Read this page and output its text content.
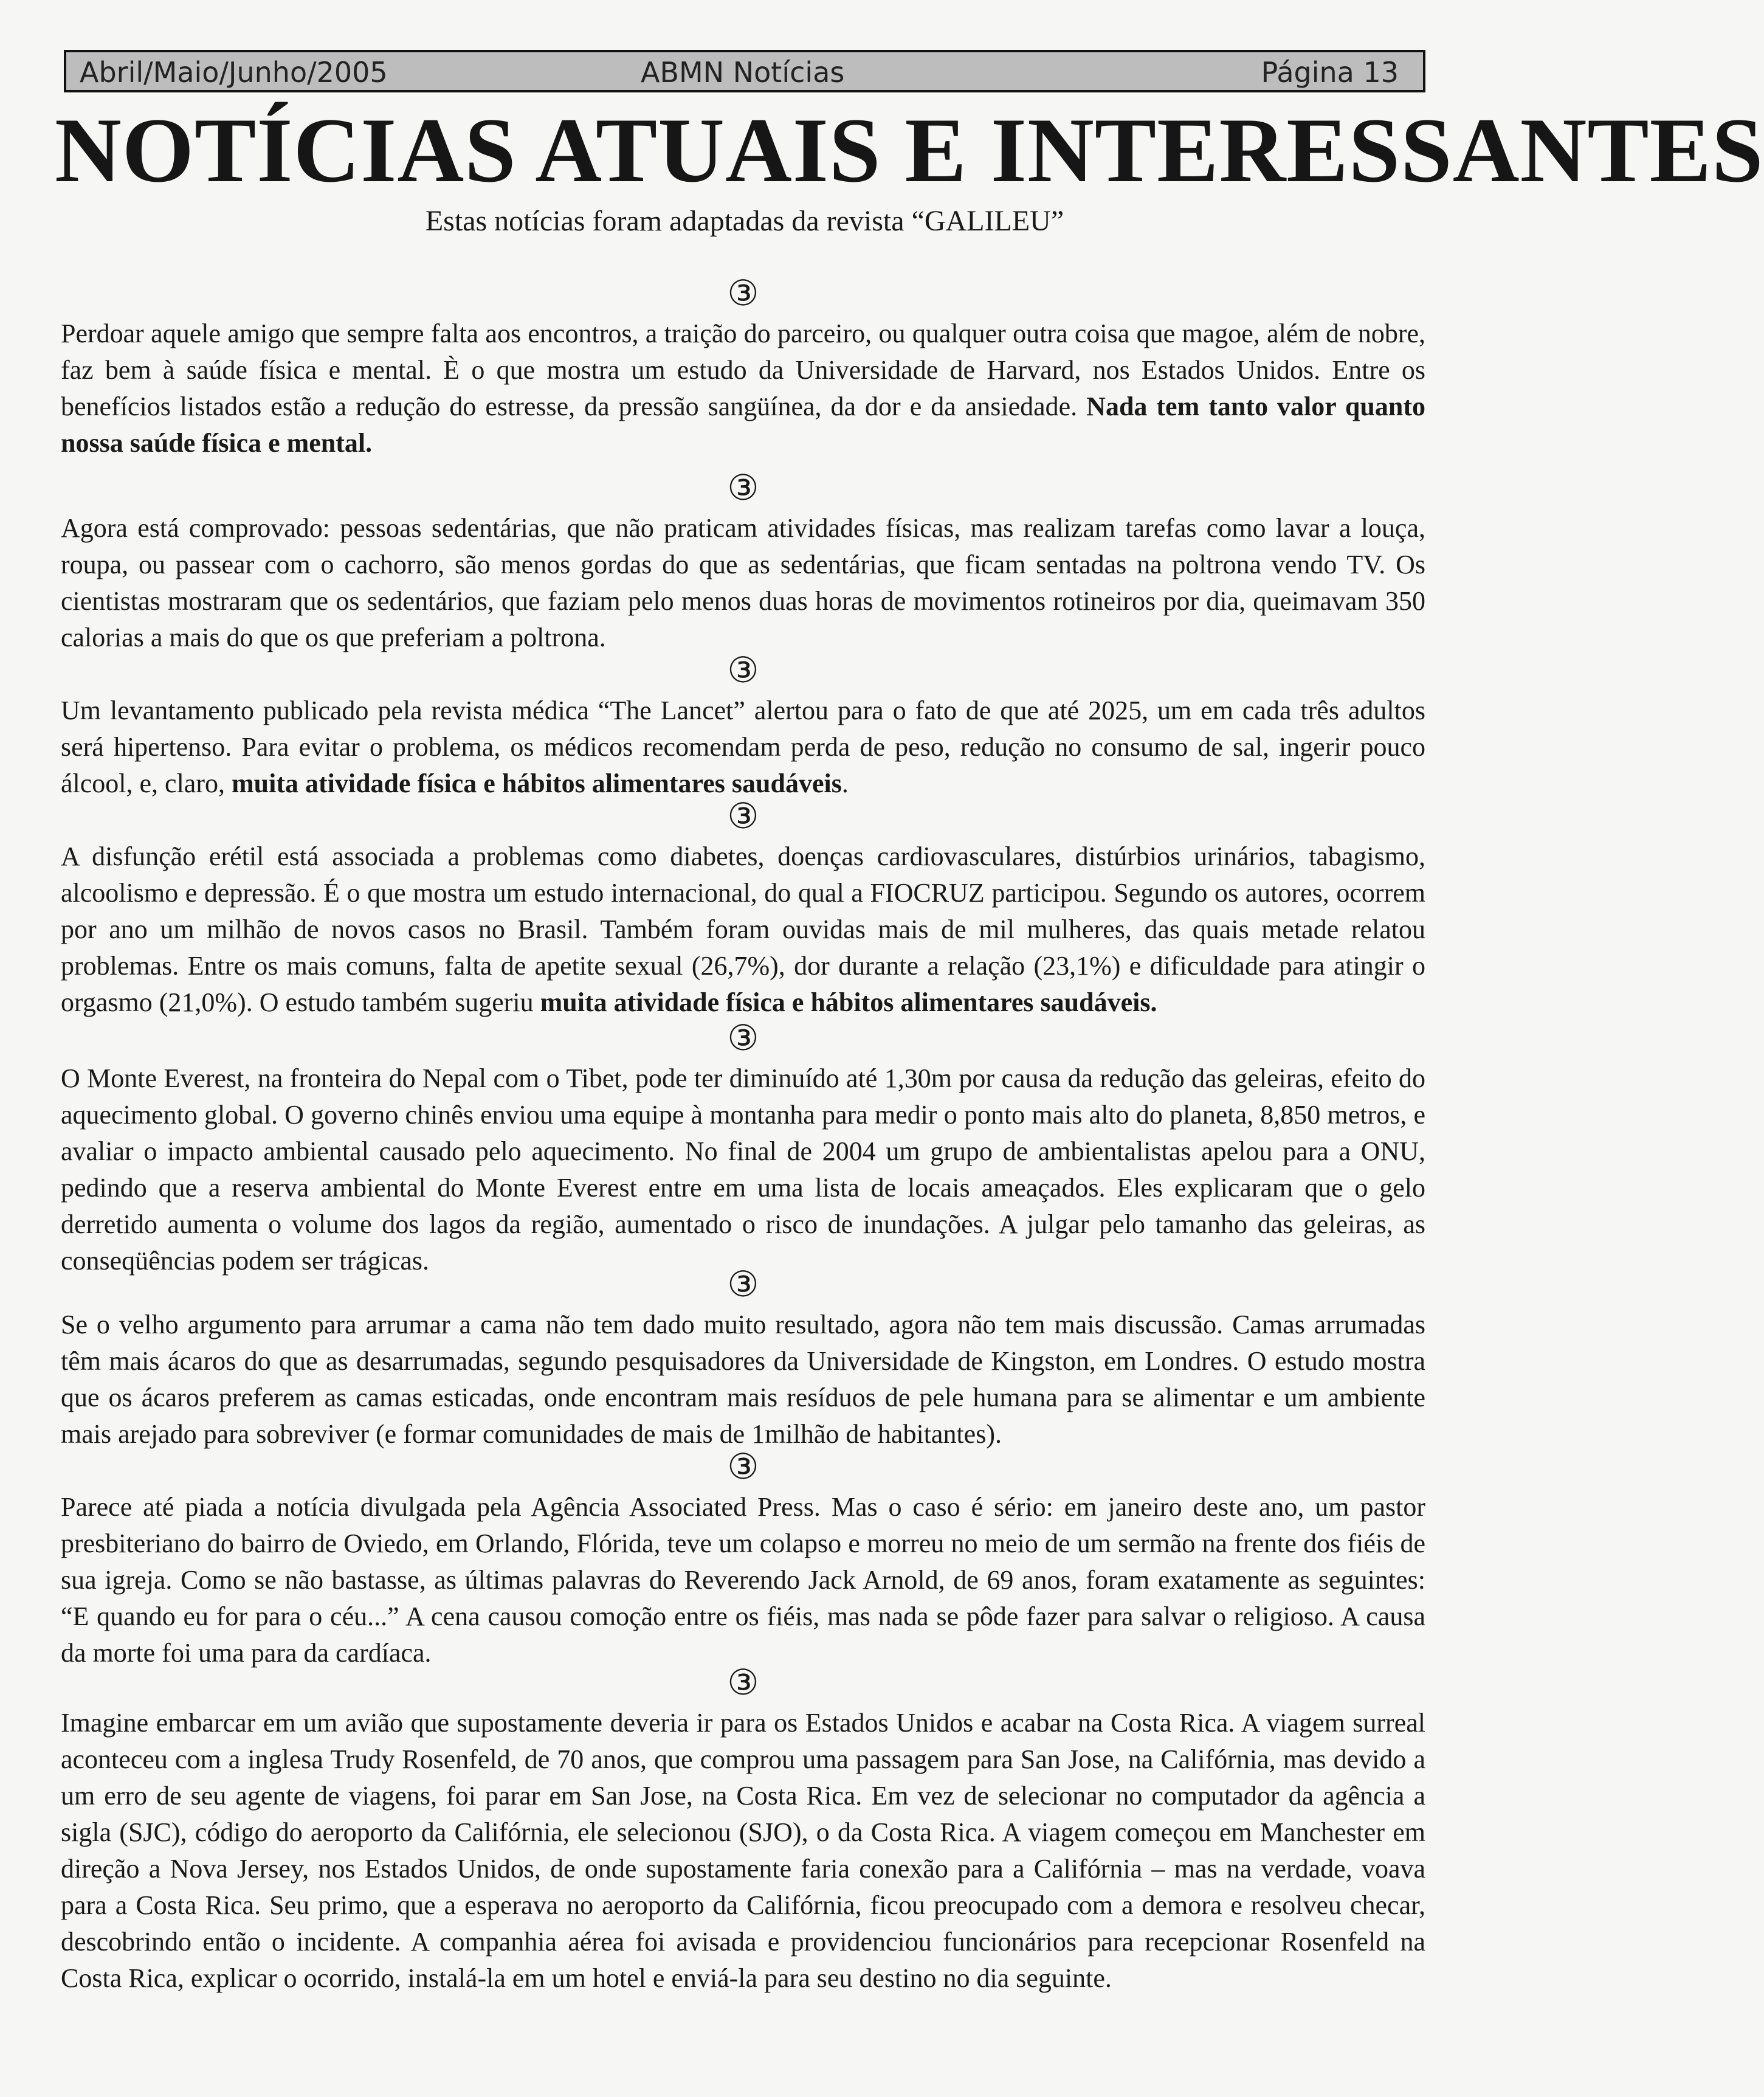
Abril/Maio/Junho/2005	ABMN Notícias	Página 13
NOTÍCIAS ATUAIS E INTERESSANTES

Estas notícias foram adaptadas da revista “GALILEU”

③
Perdoar aquele amigo que sempre falta aos encontros, a traição do parceiro, ou qualquer outra coisa que magoe, além de nobre, faz bem à saúde física e mental. È o que mostra um estudo da Universidade de Harvard, nos Estados Unidos. Entre os benefícios listados estão a redução do estresse, da pressão sangüínea, da dor e da ansiedade. Nada tem tanto valor quanto nossa saúde física e mental.
③
Agora está comprovado: pessoas sedentárias, que não praticam atividades físicas, mas realizam tarefas como lavar a louça, roupa, ou passear com o cachorro, são menos gordas do que as sedentárias, que ficam sentadas na poltrona vendo TV. Os cientistas mostraram que os sedentários, que faziam pelo menos duas horas de movimentos rotineiros por dia, queimavam 350 calorias a mais do que os que preferiam a poltrona.
③
Um levantamento publicado pela revista médica “The Lancet” alertou para o fato de que até 2025, um em cada três adultos será hipertenso. Para evitar o problema, os médicos recomendam perda de peso, redução no consumo de sal, ingerir pouco álcool, e, claro, muita atividade física e hábitos alimentares saudáveis.
③
A disfunção erétil está associada a problemas como diabetes, doenças cardiovasculares, distúrbios urinários, tabagismo, alcoolismo e depressão. É o que mostra um estudo internacional, do qual a FIOCRUZ participou. Segundo os autores, ocorrem por ano um milhão de novos casos no Brasil. Também foram ouvidas mais de mil mulheres, das quais metade relatou problemas. Entre os mais comuns, falta de apetite sexual (26,7%), dor durante a relação (23,1%) e dificuldade para atingir o orgasmo (21,0%). O estudo também sugeriu muita atividade física e hábitos alimentares saudáveis.
③
O Monte Everest, na fronteira do Nepal com o Tibet, pode ter diminuído até 1,30m por causa da redução das geleiras, efeito do aquecimento global. O governo chinês enviou uma equipe à montanha para medir o ponto mais alto do planeta, 8,850 metros, e avaliar o impacto ambiental causado pelo aquecimento. No final de 2004 um grupo de ambientalistas apelou para a ONU, pedindo que a reserva ambiental do Monte Everest entre em uma lista de locais ameaçados. Eles explicaram que o gelo derretido aumenta o volume dos lagos da região, aumentado o risco de inundações. A julgar pelo tamanho das geleiras, as conseqüências podem ser trágicas.
③
Se o velho argumento para arrumar a cama não tem dado muito resultado, agora não tem mais discussão. Camas arrumadas têm mais ácaros do que as desarrumadas, segundo pesquisadores da Universidade de Kingston, em Londres. O estudo mostra que os ácaros preferem as camas esticadas, onde encontram mais resíduos de pele humana para se alimentar e um ambiente mais arejado para sobreviver (e formar comunidades de mais de 1milhão de habitantes).
③
Parece até piada a notícia divulgada pela Agência Associated Press. Mas o caso é sério: em janeiro deste ano, um pastor presbiteriano do bairro de Oviedo, em Orlando, Flórida, teve um colapso e morreu no meio de um sermão na frente dos fiéis de sua igreja. Como se não bastasse, as últimas palavras do Reverendo Jack Arnold, de 69 anos, foram exatamente as seguintes: “E quando eu for para o céu...” A cena causou comoção entre os fiéis, mas nada se pôde fazer para salvar o religioso. A causa da morte foi uma para da cardíaca.
③
Imagine embarcar em um avião que supostamente deveria ir para os Estados Unidos e acabar na Costa Rica. A viagem surreal aconteceu com a inglesa Trudy Rosenfeld, de 70 anos, que comprou uma passagem para San Jose, na Califórnia, mas devido a um erro de seu agente de viagens, foi parar em San Jose, na Costa Rica. Em vez de selecionar no computador da agência a sigla (SJC), código do aeroporto da Califórnia, ele selecionou (SJO), o da Costa Rica. A viagem começou em Manchester em direção a Nova Jersey, nos Estados Unidos, de onde supostamente faria conexão para a Califórnia – mas na verdade, voava para a Costa Rica. Seu primo, que a esperava no aeroporto da Califórnia, ficou preocupado com a demora e resolveu checar, descobrindo então o incidente. A companhia aérea foi avisada e providenciou funcionários para recepcionar Rosenfeld na Costa Rica, explicar o ocorrido, instalá-la em um hotel e enviá-la para seu destino no dia seguinte.
